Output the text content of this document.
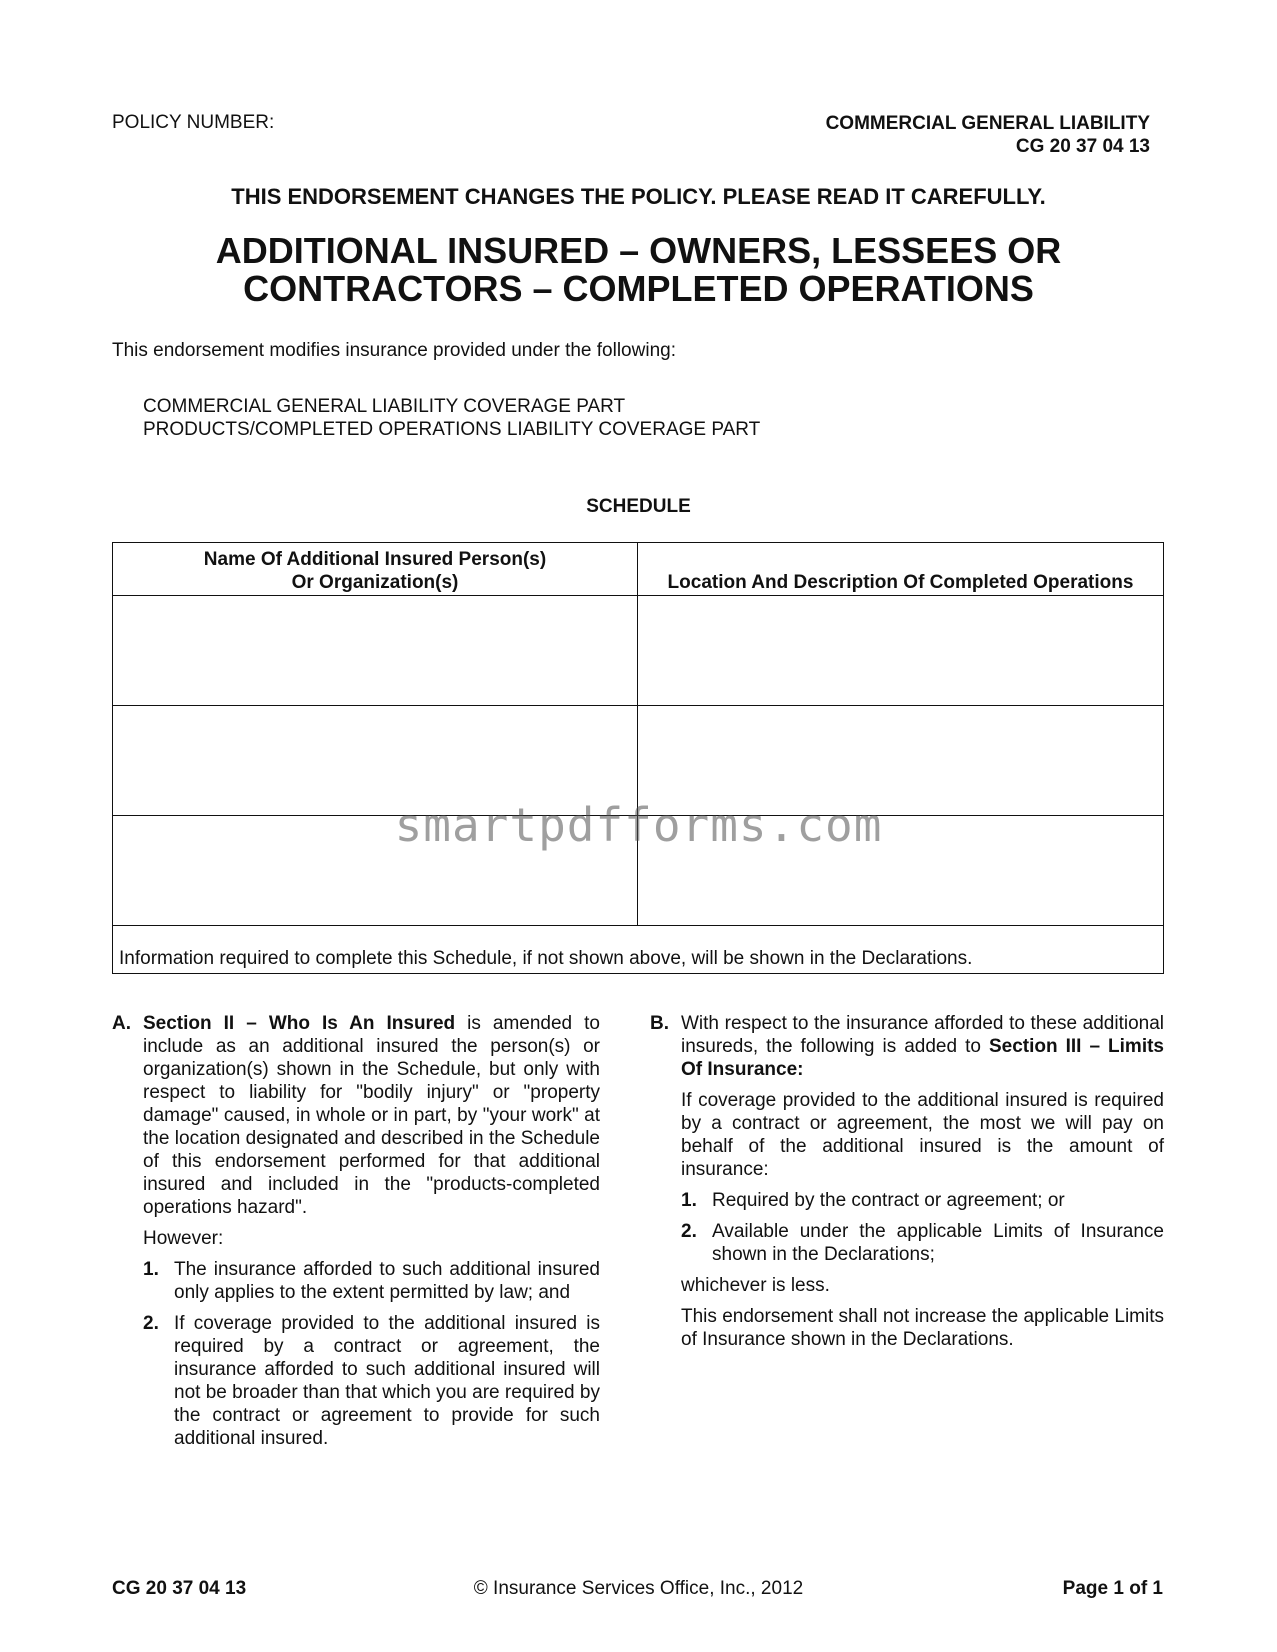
POLICY NUMBER:	COMMERCIAL GENERAL LIABILITY
CG 20 37 04 13
THIS ENDORSEMENT CHANGES THE POLICY. PLEASE READ IT CAREFULLY.
ADDITIONAL INSURED – OWNERS, LESSEES OR
CONTRACTORS – COMPLETED OPERATIONS
This endorsement modifies insurance provided under the following:
COMMERCIAL GENERAL LIABILITY COVERAGE PART
PRODUCTS/COMPLETED OPERATIONS LIABILITY COVERAGE PART
SCHEDULE
Name Of Additional Insured Person(s)
Or Organization(s)	Location And Description Of Completed Operations
Information required to complete this Schedule, if not shown above, will be shown in the Declarations.
smartpdfforms.com
A. Section II – Who Is An Insured is amended to include as an additional insured the person(s) or organization(s) shown in the Schedule, but only with respect to liability for "bodily injury" or "property damage" caused, in whole or in part, by "your work" at the location designated and described in the Schedule of this endorsement performed for that additional insured and included in the "products-completed operations hazard".
However:
1. The insurance afforded to such additional insured only applies to the extent permitted by law; and
2. If coverage provided to the additional insured is required by a contract or agreement, the insurance afforded to such additional insured will not be broader than that which you are required by the contract or agreement to provide for such additional insured.
B. With respect to the insurance afforded to these additional insureds, the following is added to Section III – Limits Of Insurance:
If coverage provided to the additional insured is required by a contract or agreement, the most we will pay on behalf of the additional insured is the amount of insurance:
1. Required by the contract or agreement; or
2. Available under the applicable Limits of Insurance shown in the Declarations;
whichever is less.
This endorsement shall not increase the applicable Limits of Insurance shown in the Declarations.
CG 20 37 04 13	© Insurance Services Office, Inc., 2012	Page 1 of 1
